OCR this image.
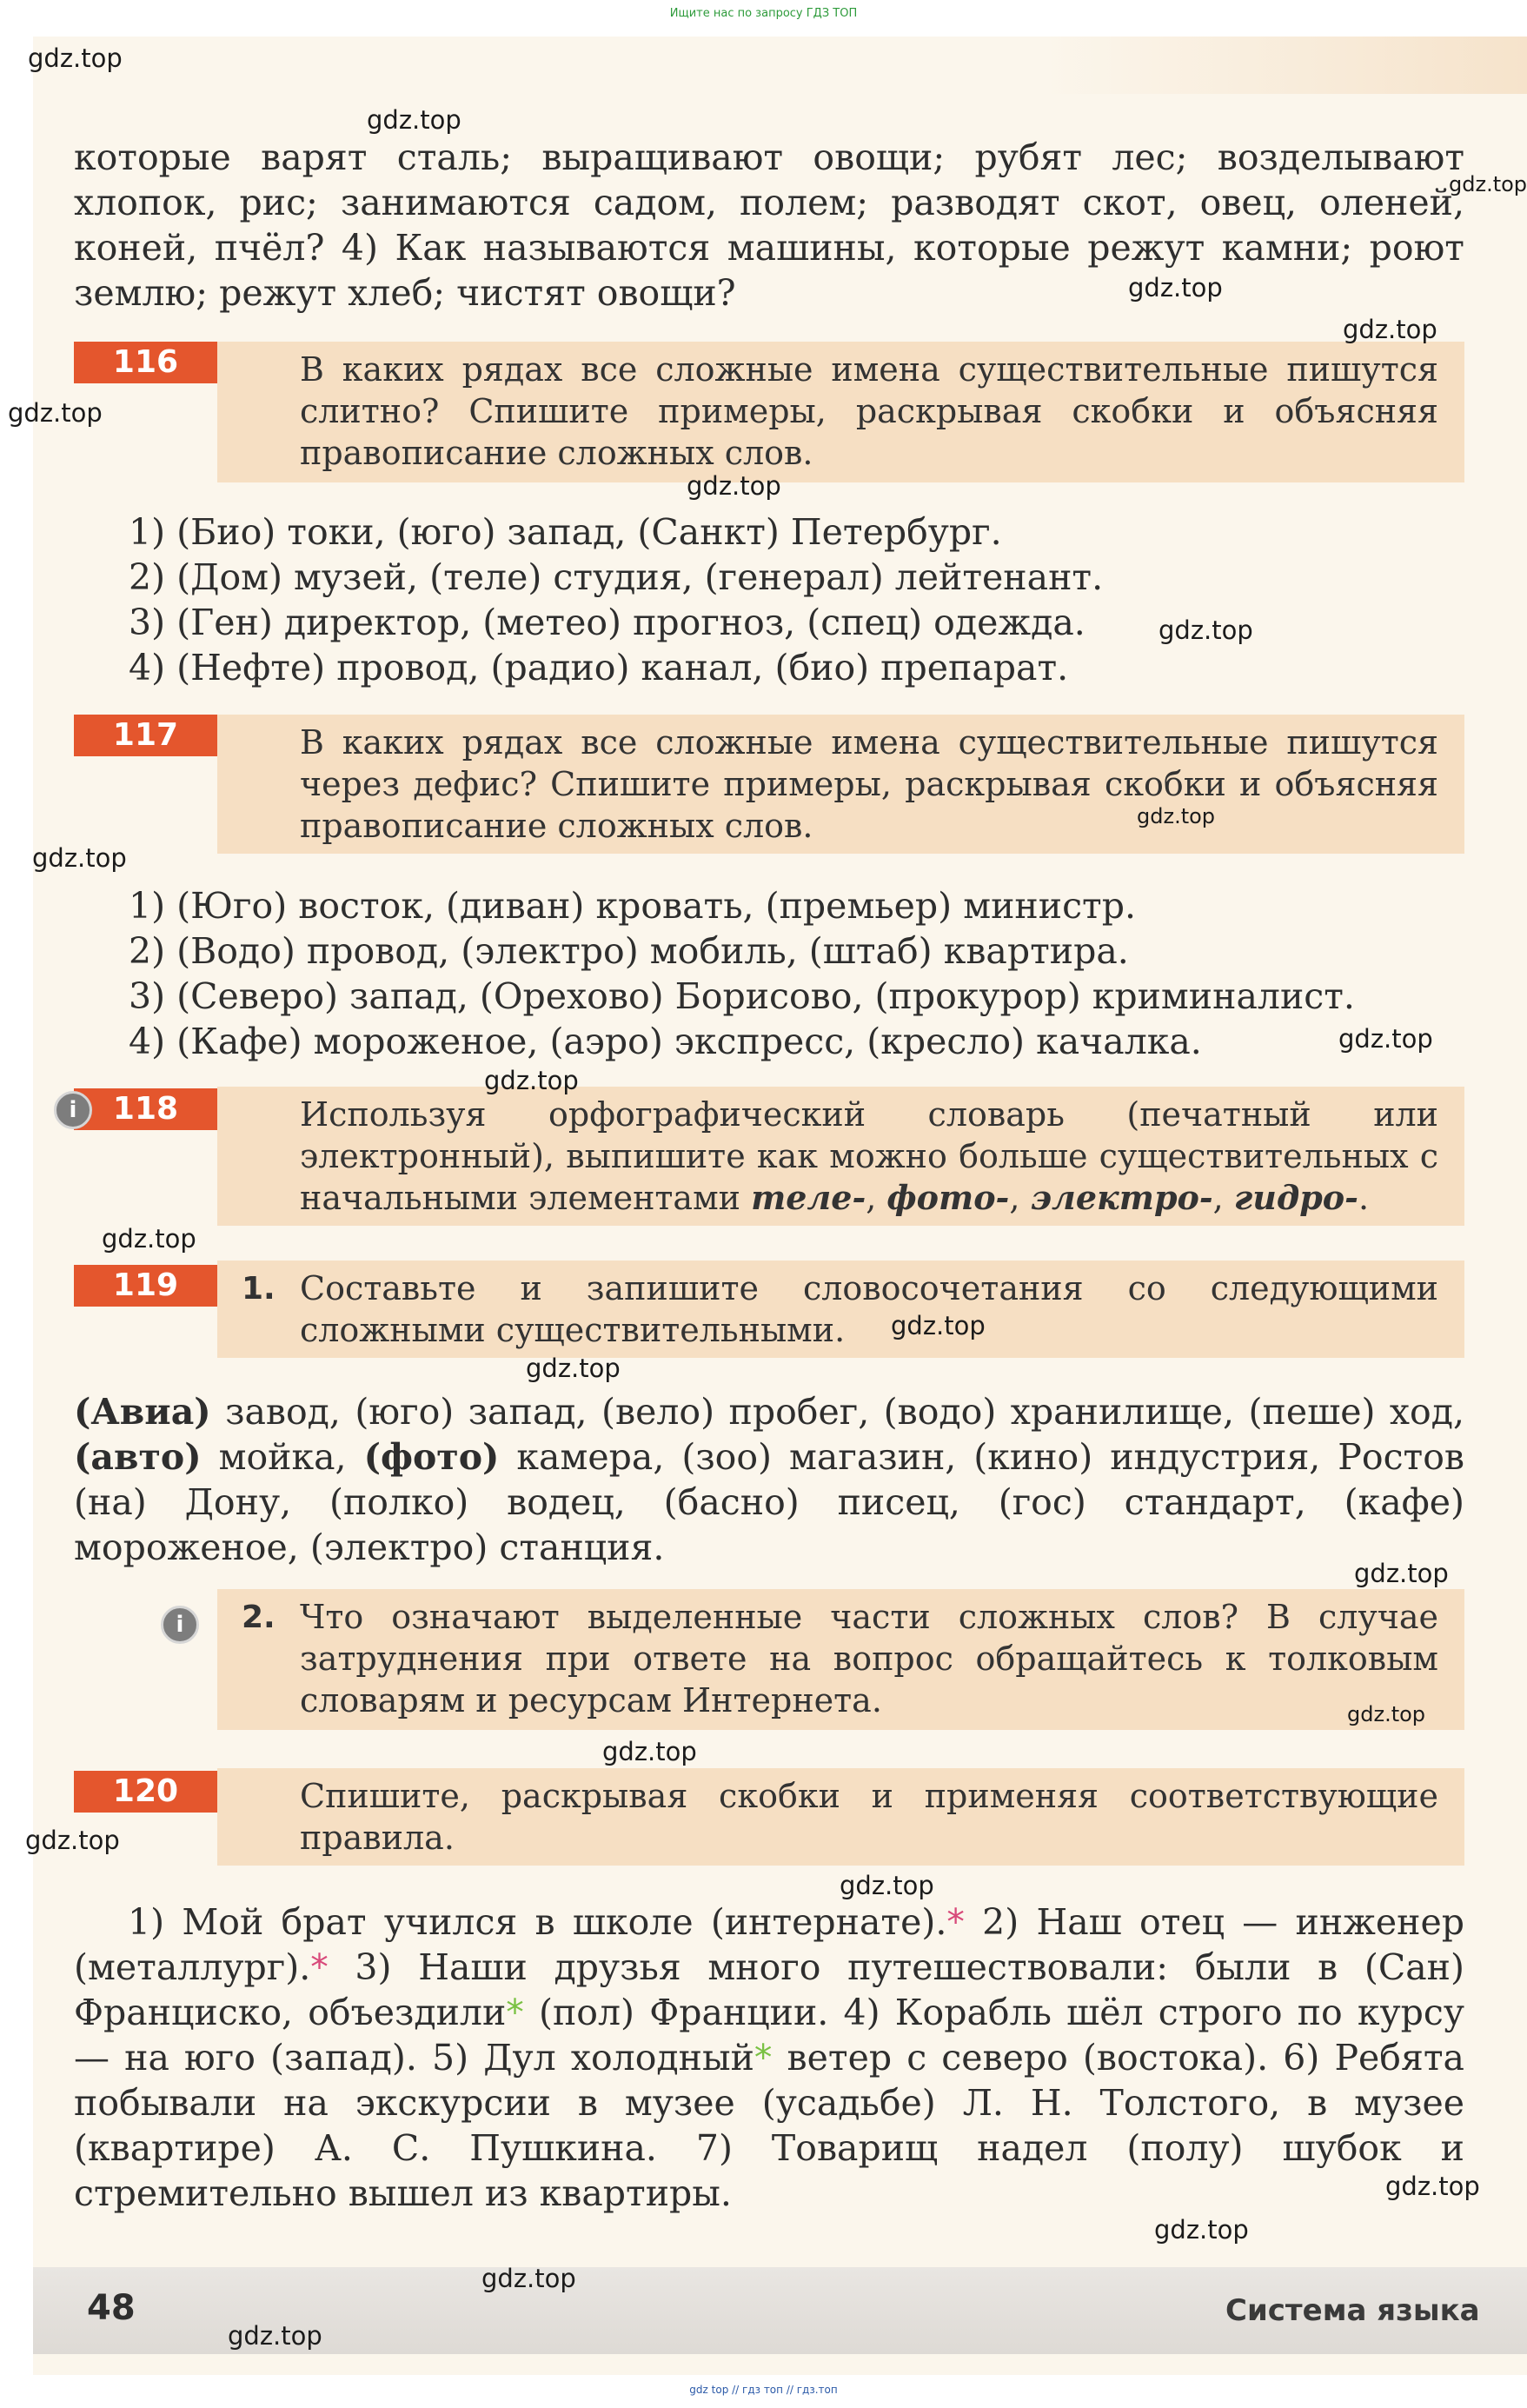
Ищите нас по запросу ГДЗ ТОП

которые варят сталь; выращивают овощи; рубят лес; возделывают хлопок, рис; занимаются садом, полем; разводят скот, овец, оленей, коней, пчёл? 4) Как называются машины, которые режут камни; роют землю; режут хлеб; чистят овощи?

В каких рядах все сложные имена существительные пишутся слитно? Спишите примеры, раскрывая скобки и объясняя правописание сложных слов.
116
1) (Био) токи, (юго) запад, (Санкт) Петербург.
2) (Дом) музей, (теле) студия, (генерал) лейтенант.
3) (Ген) директор, (метео) прогноз, (спец) одежда.
4) (Нефте) провод, (радио) канал, (био) препарат.
В каких рядах все сложные имена существительные пишутся через дефис? Спишите примеры, раскрывая скобки и объясняя правописание сложных слов.
117
1) (Юго) восток, (диван) кровать, (премьер) министр.
2) (Водо) провод, (электро) мобиль, (штаб) квартира.
3) (Северо) запад, (Орехово) Борисово, (прокурор) криминалист.
4) (Кафе) мороженое, (аэро) экспресс, (кресло) качалка.
Используя орфографический словарь (печатный или электронный), выпишите как можно больше существительных с начальными элементами теле-, фото-, электро-, гидро-.
118
i
1. Составьте и запишите словосочетания со следующими сложными существительными.
119

(Авиа) завод, (юго) запад, (вело) пробег, (водо) хранилище, (пеше) ход, (авто) мойка, (фото) камера, (зоо) магазин, (кино) индустрия, Ростов (на) Дону, (полко) водец, (басно) писец, (гос) стандарт, (кафе) мороженое, (электро) станция.

2. Что означают выделенные части сложных слов? В случае затруднения при ответе на вопрос обращайтесь к толковым словарям и ресурсам Интернета.
i
Спишите, раскрывая скобки и применяя соответствующие правила.
120

1) Мой брат учился в школе (интернате).* 2) Наш отец — инженер (металлург).* 3) Наши друзья много путешествовали: были в (Сан) Франциско, объездили* (пол) Франции. 4) Корабль шёл строго по курсу — на юго (запад). 5) Дул холодный* ветер с северо (востока). 6) Ребята побывали на экскурсии в музее (усадьбе) Л. Н. Толстого, в музее (квартире) А. С. Пушкина. 7) Товарищ надел (полу) шубок и стремительно вышел из квартиры.

48	Система языка
gdz.top
gdz.top
gdz.top
gdz.top
gdz.top
gdz.top
gdz.top
gdz.top
gdz.top
gdz.top
gdz.top
gdz.top
gdz.top
gdz.top
gdz.top
gdz.top
gdz.top
gdz.top
gdz.top
gdz.top
gdz.top
gdz.top
gdz.top
gdz.top
gdz top // гдз топ // гдз.топ
